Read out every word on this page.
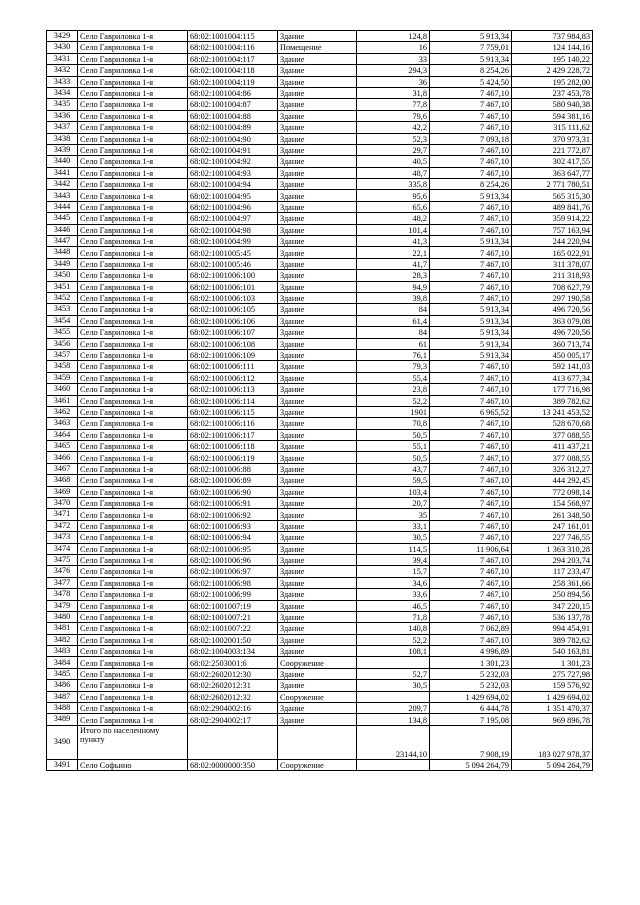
3429	Село Гавриловка 1-я	68:02:1001004:115	Здание	124,8	5 913,34	737 984,83
3430	Село Гавриловка 1-я	68:02:1001004:116	Помещение	16	7 759,01	124 144,16
3431	Село Гавриловка 1-я	68:02:1001004:117	Здание	33	5 913,34	195 140,22
3432	Село Гавриловка 1-я	68:02:1001004:118	Здание	294,3	8 254,26	2 429 228,72
3433	Село Гавриловка 1-я	68:02:1001004:119	Здание	36	5 424,50	195 282,00
3434	Село Гавриловка 1-я	68:02:1001004:86	Здание	31,8	7 467,10	237 453,78
3435	Село Гавриловка 1-я	68:02:1001004:87	Здание	77,8	7 467,10	580 940,38
3436	Село Гавриловка 1-я	68:02:1001004:88	Здание	79,6	7 467,10	594 381,16
3437	Село Гавриловка 1-я	68:02:1001004:89	Здание	42,2	7 467,10	315 111,62
3438	Село Гавриловка 1-я	68:02:1001004:90	Здание	52,3	7 093,18	370 973,31
3439	Село Гавриловка 1-я	68:02:1001004:91	Здание	29,7	7 467,10	221 772,87
3440	Село Гавриловка 1-я	68:02:1001004:92	Здание	40,5	7 467,10	302 417,55
3441	Село Гавриловка 1-я	68:02:1001004:93	Здание	48,7	7 467,10	363 647,77
3442	Село Гавриловка 1-я	68:02:1001004:94	Здание	335,8	8 254,26	2 771 780,51
3443	Село Гавриловка 1-я	68:02:1001004:95	Здание	95,6	5 913,34	565 315,30
3444	Село Гавриловка 1-я	68:02:1001004:96	Здание	65,6	7 467,10	489 841,76
3445	Село Гавриловка 1-я	68:02:1001004:97	Здание	48,2	7 467,10	359 914,22
3446	Село Гавриловка 1-я	68:02:1001004:98	Здание	101,4	7 467,10	757 163,94
3447	Село Гавриловка 1-я	68:02:1001004:99	Здание	41,3	5 913,34	244 220,94
3448	Село Гавриловка 1-я	68:02:1001005:45	Здание	22,1	7 467,10	165 022,91
3449	Село Гавриловка 1-я	68:02:1001005:46	Здание	41,7	7 467,10	311 378,07
3450	Село Гавриловка 1-я	68:02:1001006:100	Здание	28,3	7 467,10	211 318,93
3451	Село Гавриловка 1-я	68:02:1001006:101	Здание	94,9	7 467,10	708 627,79
3452	Село Гавриловка 1-я	68:02:1001006:103	Здание	39,8	7 467,10	297 190,58
3453	Село Гавриловка 1-я	68:02:1001006:105	Здание	84	5 913,34	496 720,56
3454	Село Гавриловка 1-я	68:02:1001006:106	Здание	61,4	5 913,34	363 079,08
3455	Село Гавриловка 1-я	68:02:1001006:107	Здание	84	5 913,34	496 720,56
3456	Село Гавриловка 1-я	68:02:1001006:108	Здание	61	5 913,34	360 713,74
3457	Село Гавриловка 1-я	68:02:1001006:109	Здание	76,1	5 913,34	450 005,17
3458	Село Гавриловка 1-я	68:02:1001006:111	Здание	79,3	7 467,10	592 141,03
3459	Село Гавриловка 1-я	68:02:1001006:112	Здание	55,4	7 467,10	413 677,34
3460	Село Гавриловка 1-я	68:02:1001006:113	Здание	23,8	7 467,10	177 716,98
3461	Село Гавриловка 1-я	68:02:1001006:114	Здание	52,2	7 467,10	389 782,62
3462	Село Гавриловка 1-я	68:02:1001006:115	Здание	1901	6 965,52	13 241 453,52
3463	Село Гавриловка 1-я	68:02:1001006:116	Здание	70,8	7 467,10	528 670,68
3464	Село Гавриловка 1-я	68:02:1001006:117	Здание	50,5	7 467,10	377 088,55
3465	Село Гавриловка 1-я	68:02:1001006:118	Здание	55,1	7 467,10	411 437,21
3466	Село Гавриловка 1-я	68:02:1001006:119	Здание	50,5	7 467,10	377 088,55
3467	Село Гавриловка 1-я	68:02:1001006:88	Здание	43,7	7 467,10	326 312,27
3468	Село Гавриловка 1-я	68:02:1001006:89	Здание	59,5	7 467,10	444 292,45
3469	Село Гавриловка 1-я	68:02:1001006:90	Здание	103,4	7 467,10	772 098,14
3470	Село Гавриловка 1-я	68:02:1001006:91	Здание	20,7	7 467,10	154 568,97
3471	Село Гавриловка 1-я	68:02:1001006:92	Здание	35	7 467,10	261 348,50
3472	Село Гавриловка 1-я	68:02:1001006:93	Здание	33,1	7 467,10	247 161,01
3473	Село Гавриловка 1-я	68:02:1001006:94	Здание	30,5	7 467,10	227 746,55
3474	Село Гавриловка 1-я	68:02:1001006:95	Здание	114,5	11 906,64	1 363 310,28
3475	Село Гавриловка 1-я	68:02:1001006:96	Здание	39,4	7 467,10	294 203,74
3476	Село Гавриловка 1-я	68:02:1001006:97	Здание	15,7	7 467,10	117 233,47
3477	Село Гавриловка 1-я	68:02:1001006:98	Здание	34,6	7 467,10	258 361,66
3478	Село Гавриловка 1-я	68:02:1001006:99	Здание	33,6	7 467,10	250 894,56
3479	Село Гавриловка 1-я	68:02:1001007:19	Здание	46,5	7 467,10	347 220,15
3480	Село Гавриловка 1-я	68:02:1001007:21	Здание	71,8	7 467,10	536 137,78
3481	Село Гавриловка 1-я	68:02:1001007:22	Здание	140,8	7 062,89	994 454,91
3482	Село Гавриловка 1-я	68:02:1002001:50	Здание	52,2	7 467,10	389 782,62
3483	Село Гавриловка 1-я	68:02:1004003:134	Здание	108,1	4 996,89	540 163,81
3484	Село Гавриловка 1-я	68:02:2503001:6	Сооружение		1 301,23	1 301,23
3485	Село Гавриловка 1-я	68:02:2602012:30	Здание	52,7	5 232,03	275 727,98
3486	Село Гавриловка 1-я	68:02:2602012:31	Здание	30,5	5 232,03	159 576,92
3487	Село Гавриловка 1-я	68:02:2602012:32	Сооружение		1 429 694,02	1 429 694,02
3488	Село Гавриловка 1-я	68:02:2904002:16	Здание	209,7	6 444,78	1 351 470,37
3489	Село Гавриловка 1-я	68:02:2904002:17	Здание	134,8	7 195,08	969 896,78
3490	Итого по населенному пункту			23144,10	7 908,19	183 027 978,37
3491	Село Софьино	68:02:0000000:350	Сооружение		5 094 264,79	5 094 264,79
